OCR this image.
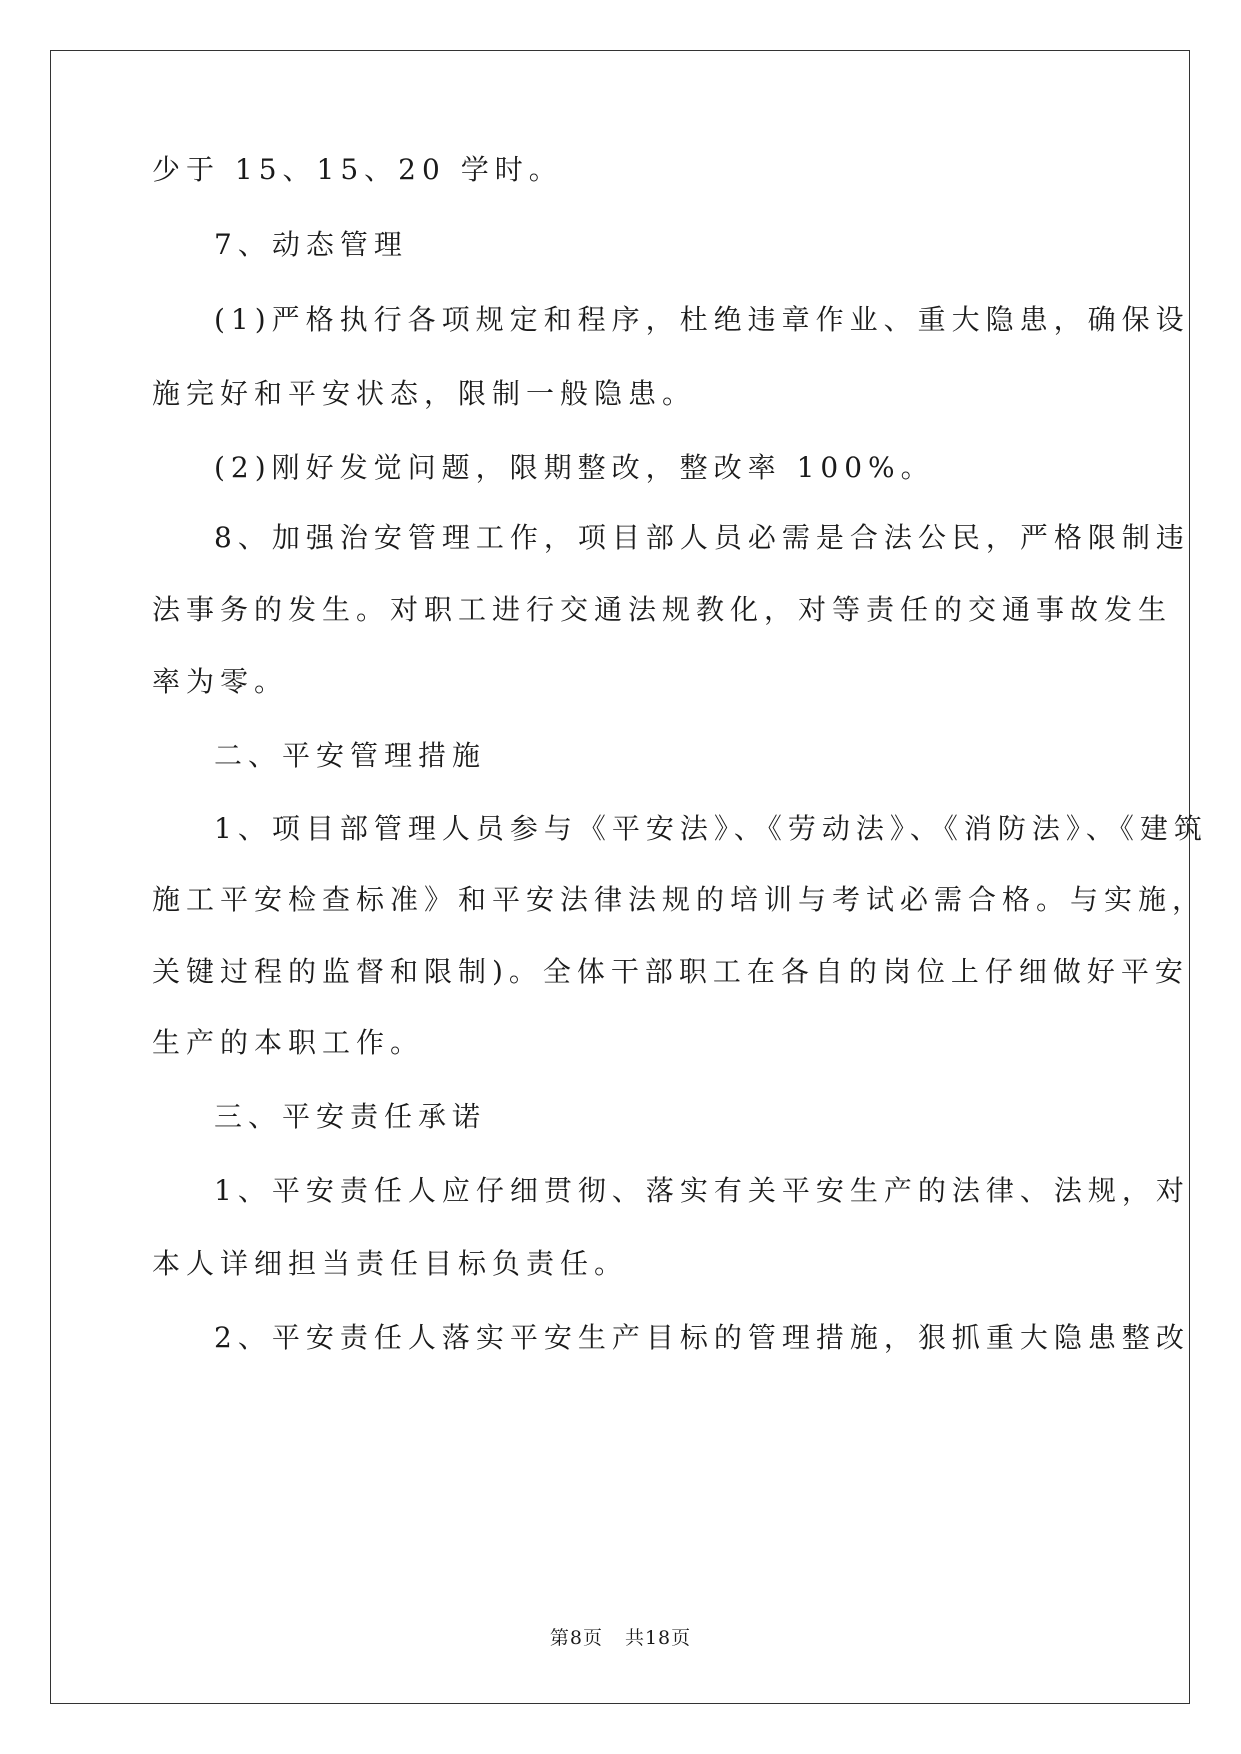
少于 15、15、20 学时。
7、动态管理
(1)严格执行各项规定和程序，杜绝违章作业、重大隐患，确保设
施完好和平安状态，限制一般隐患。
(2)刚好发觉问题，限期整改，整改率 100%。
8、加强治安管理工作，项目部人员必需是合法公民，严格限制违
法事务的发生。对职工进行交通法规教化，对等责任的交通事故发生
率为零。
二、平安管理措施
1、项目部管理人员参与《平安法》、《劳动法》、《消防法》、《建筑
施工平安检查标准》和平安法律法规的培训与考试必需合格。与实施，
关键过程的监督和限制)。全体干部职工在各自的岗位上仔细做好平安
生产的本职工作。
三、平安责任承诺
1、平安责任人应仔细贯彻、落实有关平安生产的法律、法规，对
本人详细担当责任目标负责任。
2、平安责任人落实平安生产目标的管理措施，狠抓重大隐患整改
第8页 共18页
